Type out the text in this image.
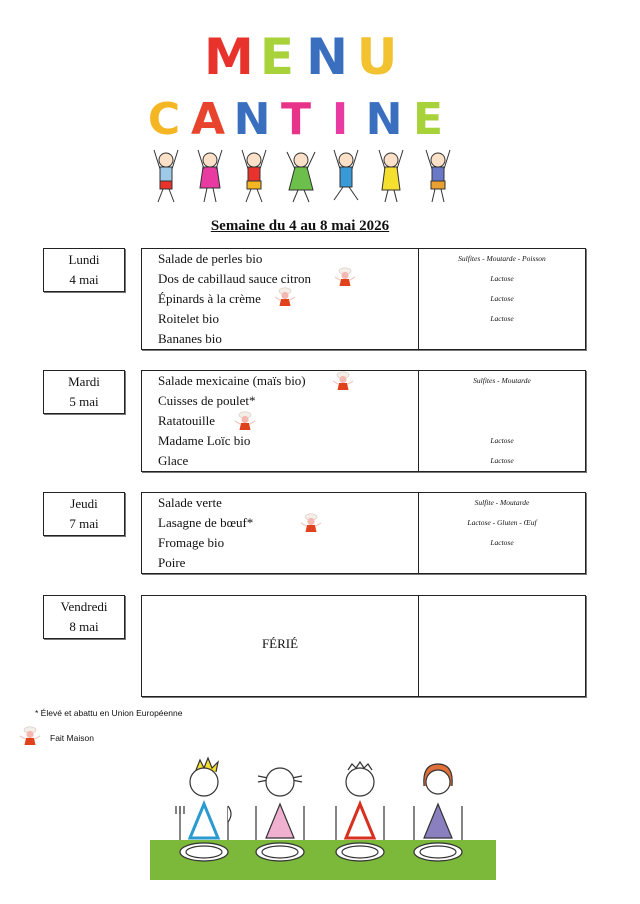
M E N U
C A N T I N E
Semaine du 4 au 8 mai 2026
Lundi
4 mai
Salade de perles bio
Dos de cabillaud sauce citron
Épinards à la crème
Roitelet bio
Bananes bio
Sulfites - Moutarde - Poisson
Lactose
Lactose
Lactose
Mardi
5 mai
Salade mexicaine (maïs bio)
Cuisses de poulet*
Ratatouille
Madame Loïc bio
Glace
Sulfites - Moutarde
Lactose
Lactose
Jeudi
7 mai
Salade verte
Lasagne de bœuf*
Fromage bio
Poire
Sulfite - Moutarde
Lactose - Gluten - Œuf
Lactose
Vendredi
8 mai
FÉRIÉ
* Élevé et abattu en Union Européenne
Fait Maison
